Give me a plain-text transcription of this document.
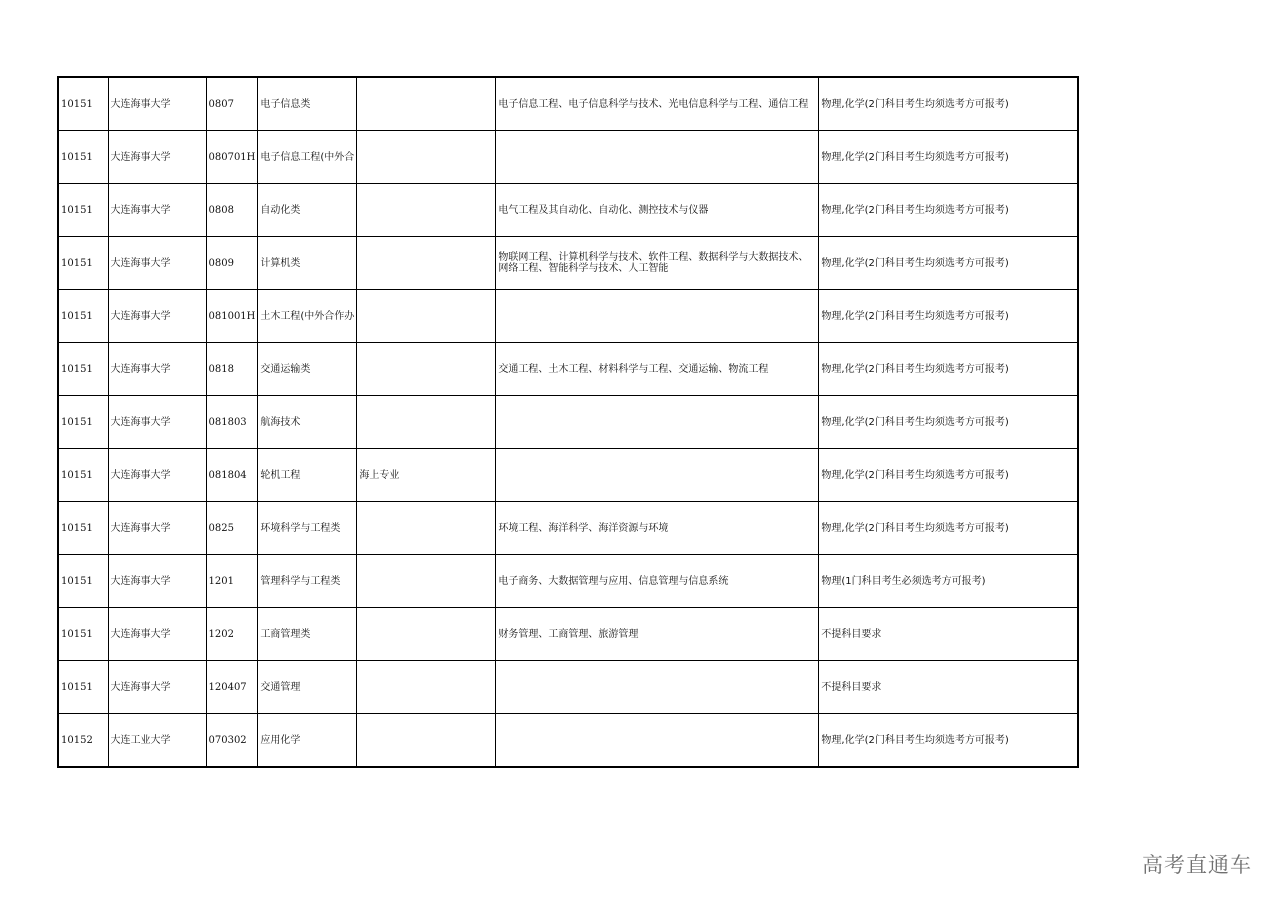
10151	大连海事大学	0807	电子信息类		电子信息工程、电子信息科学与技术、光电信息科学与工程、通信工程	物理,化学(2门科目考生均须选考方可报考)
10151	大连海事大学	080701H	电子信息工程(中外合			物理,化学(2门科目考生均须选考方可报考)
10151	大连海事大学	0808	自动化类		电气工程及其自动化、自动化、测控技术与仪器	物理,化学(2门科目考生均须选考方可报考)
10151	大连海事大学	0809	计算机类		物联网工程、计算机科学与技术、软件工程、数据科学与大数据技术、网络工程、智能科学与技术、人工智能	物理,化学(2门科目考生均须选考方可报考)
10151	大连海事大学	081001H	土木工程(中外合作办			物理,化学(2门科目考生均须选考方可报考)
10151	大连海事大学	0818	交通运输类		交通工程、土木工程、材料科学与工程、交通运输、物流工程	物理,化学(2门科目考生均须选考方可报考)
10151	大连海事大学	081803	航海技术			物理,化学(2门科目考生均须选考方可报考)
10151	大连海事大学	081804	轮机工程	海上专业		物理,化学(2门科目考生均须选考方可报考)
10151	大连海事大学	0825	环境科学与工程类		环境工程、海洋科学、海洋资源与环境	物理,化学(2门科目考生均须选考方可报考)
10151	大连海事大学	1201	管理科学与工程类		电子商务、大数据管理与应用、信息管理与信息系统	物理(1门科目考生必须选考方可报考)
10151	大连海事大学	1202	工商管理类		财务管理、工商管理、旅游管理	不提科目要求
10151	大连海事大学	120407	交通管理			不提科目要求
10152	大连工业大学	070302	应用化学			物理,化学(2门科目考生均须选考方可报考)
高考直通车
